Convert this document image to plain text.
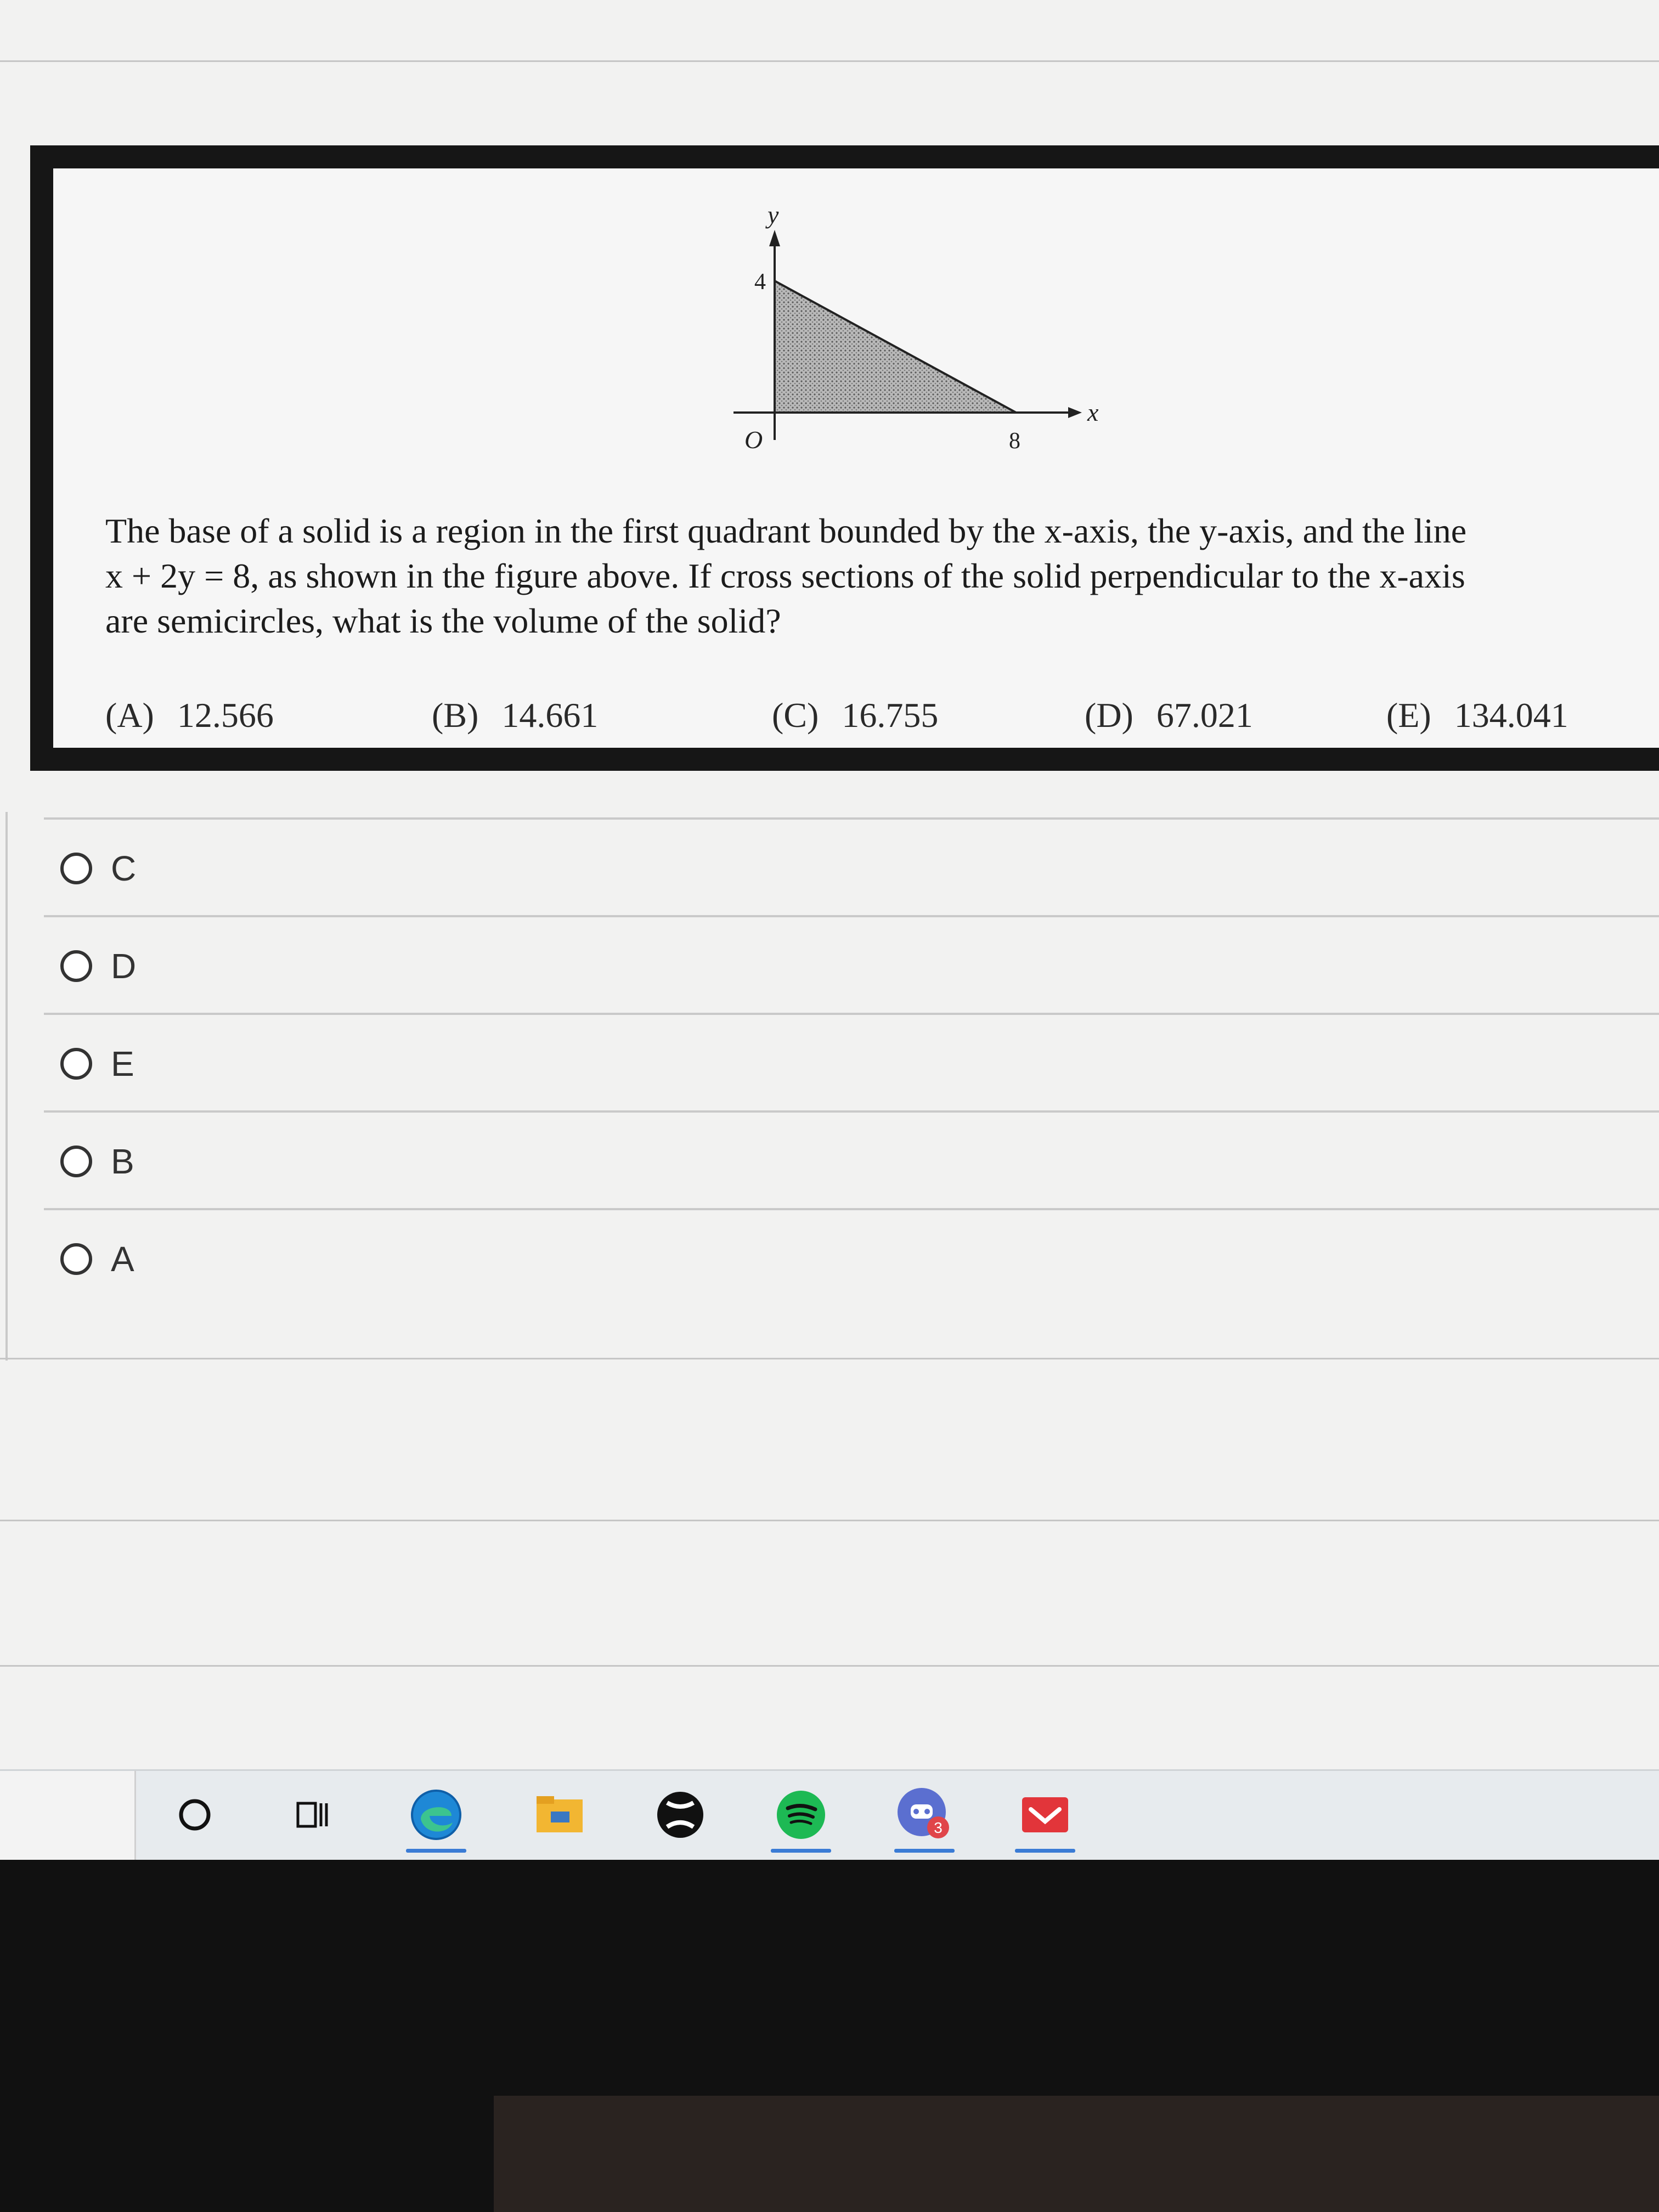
y
x
O
4
8

The base of a solid is a region in the first quadrant bounded by the x-axis, the y-axis, and the line
x + 2y = 8, as shown in the figure above. If cross sections of the solid perpendicular to the x-axis
are semicircles, what is the volume of the solid?

(A) 12.566	(B) 14.661	(C) 16.755	(D) 67.021	(E) 134.041
C
D
E
B
A
3
